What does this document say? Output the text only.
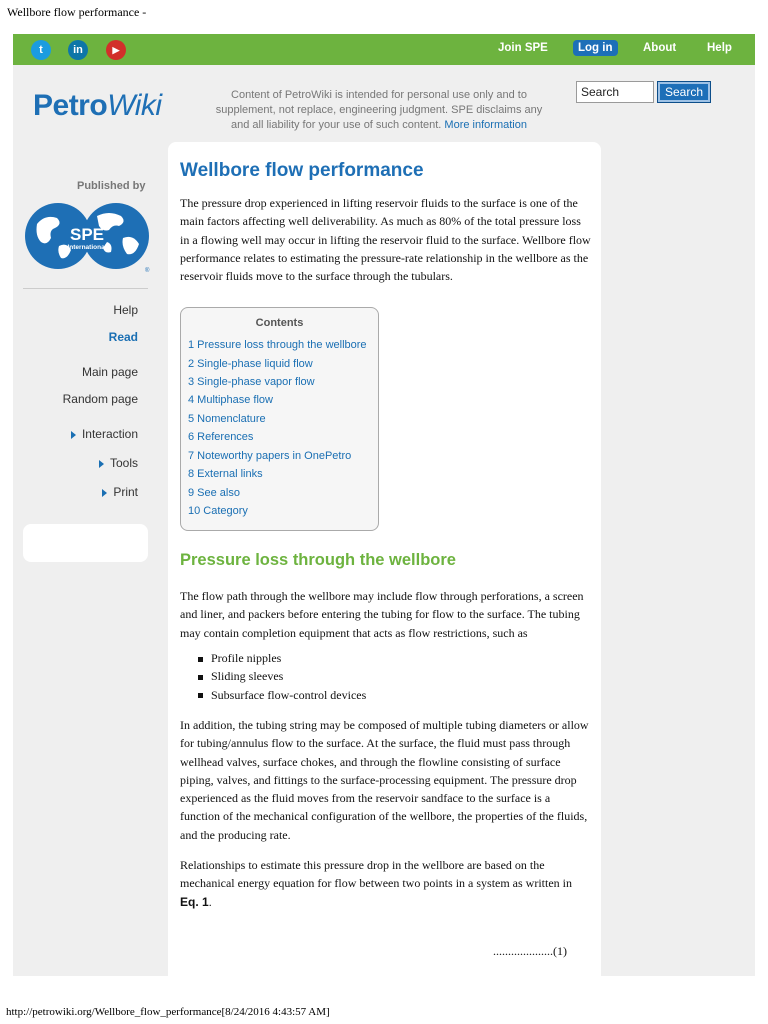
Wellbore flow performance -
t	in	▶	Join SPE	Log in	About	Help
PetroWiki	Content of PetroWiki is intended for personal use only and to supplement, not replace, engineering judgment. SPE disclaims any and all liability for your use of such content. More information
Search	Search
Published by
SPE
International
®
Help
Read
Main page
Random page
Interaction
Tools
Print
Wellbore flow performance

The pressure drop experienced in lifting reservoir fluids to the surface is one of the main factors affecting well deliverability. As much as 80% of the total pressure loss in a flowing well may occur in lifting the reservoir fluid to the surface. Wellbore flow performance relates to estimating the pressure-rate relationship in the wellbore as the reservoir fluids move to the surface through the tubulars.

Contents
1 Pressure loss through the wellbore
2 Single-phase liquid flow
3 Single-phase vapor flow
4 Multiphase flow
5 Nomenclature
6 References
7 Noteworthy papers in OnePetro
8 External links
9 See also
10 Category
Pressure loss through the wellbore

The flow path through the wellbore may include flow through perforations, a screen and liner, and packers before entering the tubing for flow to the surface. The tubing may contain completion equipment that acts as flow restrictions, such as

Profile nipples
Sliding sleeves
Subsurface flow-control devices

In addition, the tubing string may be composed of multiple tubing diameters or allow for tubing/annulus flow to the surface. At the surface, the fluid must pass through wellhead valves, surface chokes, and through the flowline consisting of surface piping, valves, and fittings to the surface-processing equipment. The pressure drop experienced as the fluid moves from the reservoir sandface to the surface is a function of the mechanical configuration of the wellbore, the properties of the fluids, and the producing rate.

Relationships to estimate this pressure drop in the wellbore are based on the mechanical energy equation for flow between two points in a system as written in Eq. 1.

....................(1)
http://petrowiki.org/Wellbore_flow_performance[8/24/2016 4:43:57 AM]
